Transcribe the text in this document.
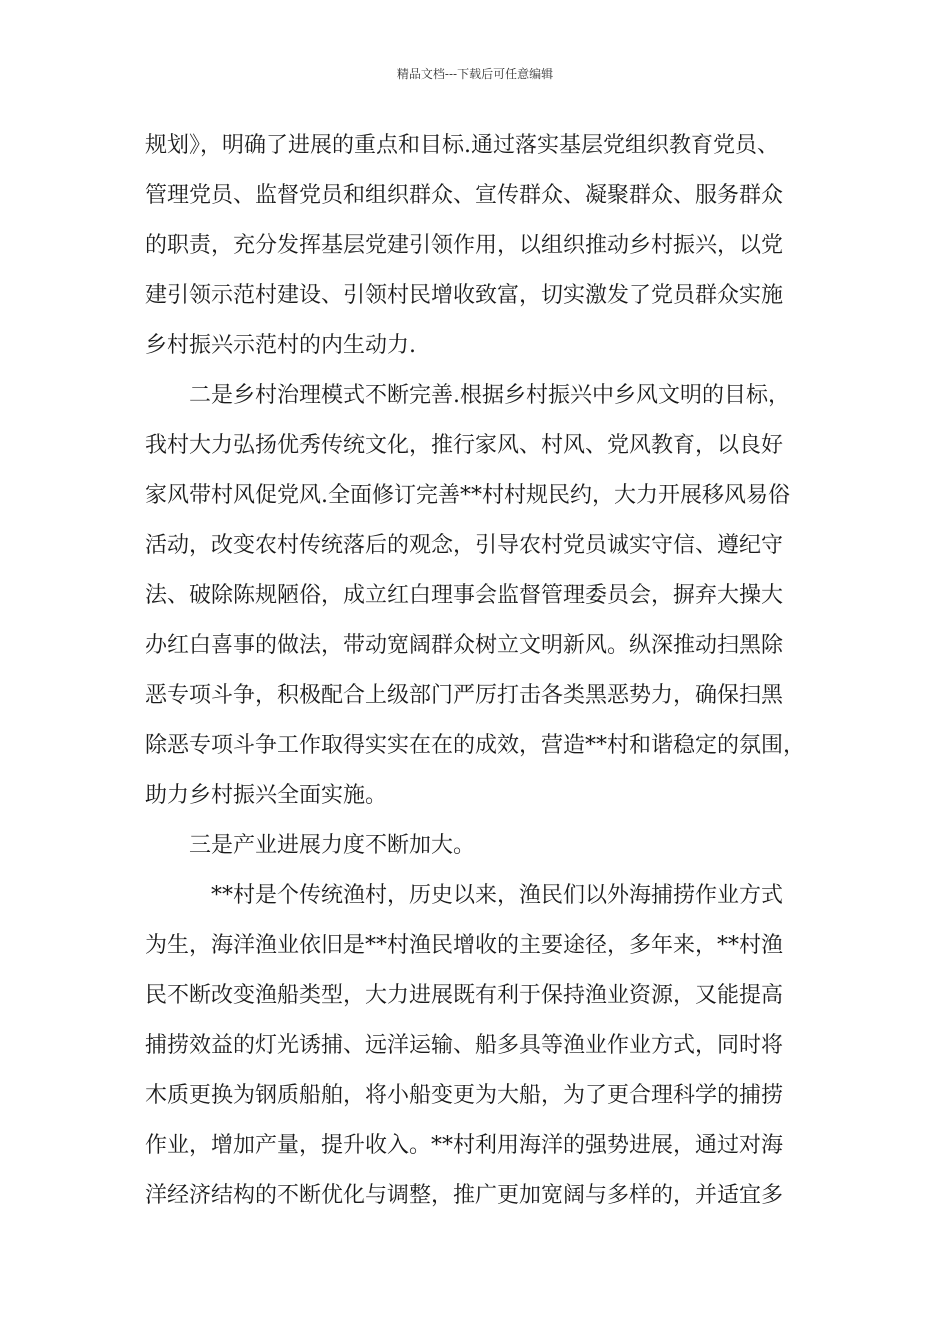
精品文档---下载后可任意编辑
规划》，明确了进展的重点和目标.通过落实基层党组织教育党员、
管理党员、监督党员和组织群众、宣传群众、凝聚群众、服务群众
的职责，充分发挥基层党建引领作用，以组织推动乡村振兴，以党
建引领示范村建设、引领村民增收致富，切实激发了党员群众实施
乡村振兴示范村的内生动力.
二是乡村治理模式不断完善.根据乡村振兴中乡风文明的目标，
我村大力弘扬优秀传统文化，推行家风、村风、党风教育，以良好
家风带村风促党风.全面修订完善**村村规民约，大力开展移风易俗
活动，改变农村传统落后的观念，引导农村党员诚实守信、遵纪守
法、破除陈规陋俗，成立红白理事会监督管理委员会，摒弃大操大
办红白喜事的做法，带动宽阔群众树立文明新风。纵深推动扫黑除
恶专项斗争，积极配合上级部门严厉打击各类黑恶势力，确保扫黑
除恶专项斗争工作取得实实在在的成效，营造**村和谐稳定的氛围，
助力乡村振兴全面实施。
三是产业进展力度不断加大。
**村是个传统渔村，历史以来，渔民们以外海捕捞作业方式
为生，海洋渔业依旧是**村渔民增收的主要途径，多年来，**村渔
民不断改变渔船类型，大力进展既有利于保持渔业资源，又能提高
捕捞效益的灯光诱捕、远洋运输、船多具等渔业作业方式，同时将
木质更换为钢质船舶，将小船变更为大船，为了更合理科学的捕捞
作业，增加产量，提升收入。**村利用海洋的强势进展，通过对海
洋经济结构的不断优化与调整，推广更加宽阔与多样的，并适宜多
